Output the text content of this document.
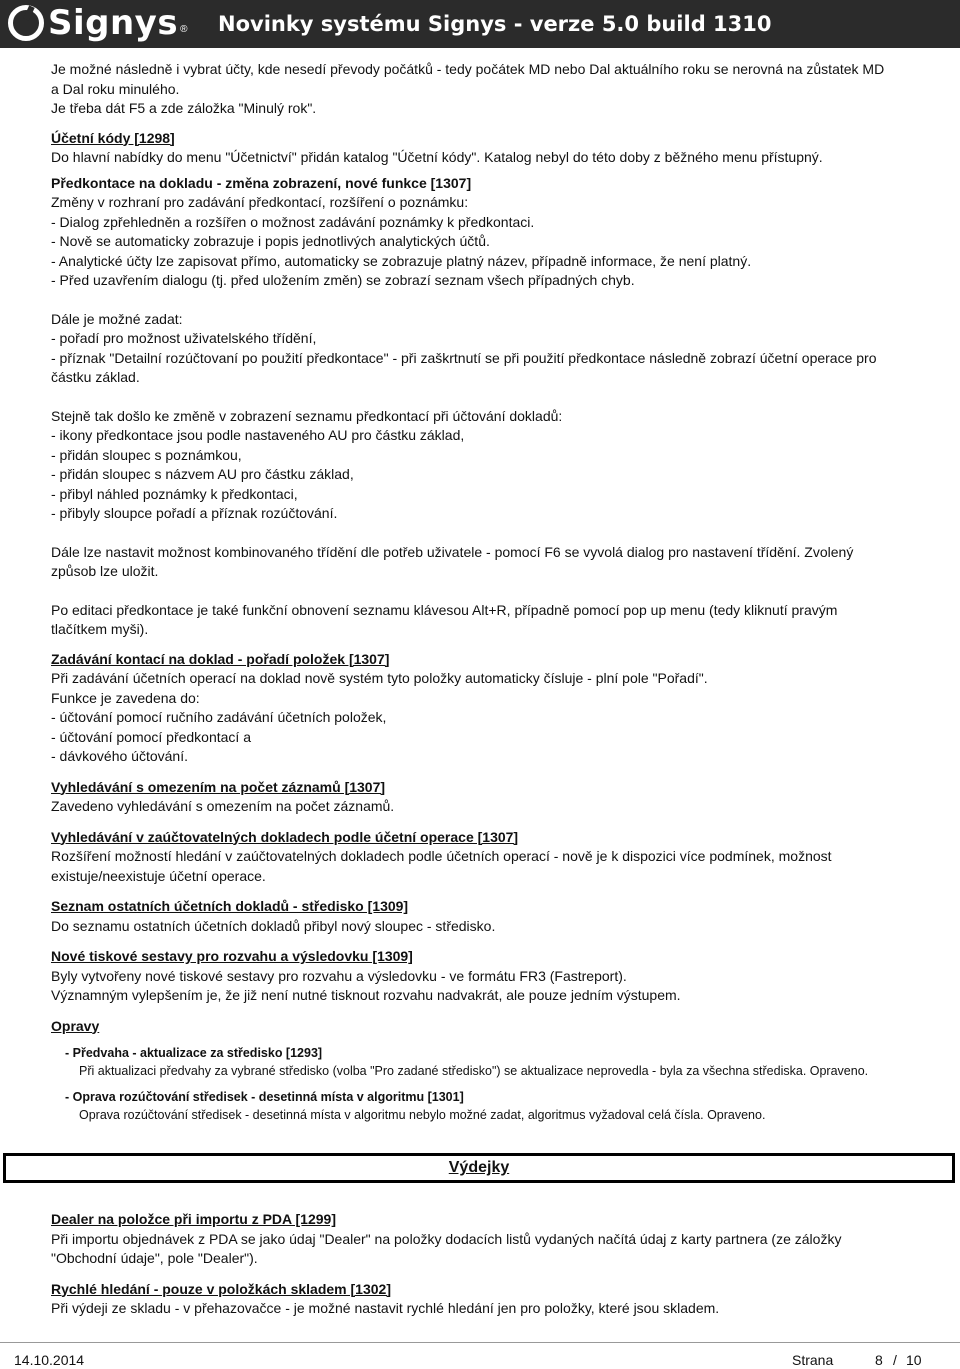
Signys ® Novinky systému Signys - verze 5.0 build 1310
Je možné následně i vybrat účty, kde nesedí převody počátků - tedy počátek MD nebo Dal aktuálního roku se nerovná na zůstatek MD
a Dal roku minulého.
Je třeba dát F5 a zde záložka "Minulý rok".
Účetní kódy [1298]
Do hlavní nabídky do menu "Účetnictví" přidán katalog "Účetní kódy". Katalog nebyl do této doby z běžného menu přístupný.
Předkontace na dokladu - změna zobrazení, nové funkce [1307]
Změny v rozhraní pro zadávání předkontací, rozšíření o poznámku:
- Dialog zpřehledněn a rozšířen o možnost zadávání poznámky k předkontaci.
- Nově se automaticky zobrazuje i popis jednotlivých analytických účtů.
- Analytické účty lze zapisovat přímo, automaticky se zobrazuje platný název, případně informace, že není platný.
- Před uzavřením dialogu (tj. před uložením změn) se zobrazí seznam všech případných chyb.
Dále je možné zadat:
- pořadí pro možnost uživatelského třídění,
- příznak "Detailní rozúčtovaní po použití předkontace" - při zaškrtnutí se při použití předkontace následně zobrazí účetní operace pro
částku základ.
Stejně tak došlo ke změně v zobrazení seznamu předkontací při účtování dokladů:
- ikony předkontace jsou podle nastaveného AU pro částku základ,
- přidán sloupec s poznámkou,
- přidán sloupec s názvem AU pro částku základ,
- přibyl náhled poznámky k předkontaci,
- přibyly sloupce pořadí a příznak rozúčtování.
Dále lze nastavit možnost kombinovaného třídění dle potřeb uživatele - pomocí F6 se vyvolá dialog pro nastavení třídění. Zvolený
způsob lze uložit.
Po editaci předkontace je také funkční obnovení seznamu klávesou Alt+R, případně pomocí pop up menu (tedy kliknutí pravým
tlačítkem myši).
Zadávání kontací na doklad - pořadí položek [1307]
Při zadávání účetních operací na doklad nově systém tyto položky automaticky čísluje - plní pole "Pořadí".
Funkce je zavedena do:
- účtování pomocí ručního zadávání účetních položek,
- účtování pomocí předkontací a
- dávkového účtování.
Vyhledávání s omezením na počet záznamů [1307]
Zavedeno vyhledávání s omezením na počet záznamů.
Vyhledávání v zaúčtovatelných dokladech podle účetní operace [1307]
Rozšíření možností hledání v zaúčtovatelných dokladech podle účetních operací - nově je k dispozici více podmínek, možnost
existuje/neexistuje účetní operace.
Seznam ostatních účetních dokladů - středisko [1309]
Do seznamu ostatních účetních dokladů přibyl nový sloupec - středisko.
Nové tiskové sestavy pro rozvahu a výsledovku [1309]
Byly vytvořeny nové tiskové sestavy pro rozvahu a výsledovku - ve formátu FR3 (Fastreport).
Významným vylepšením je, že již není nutné tisknout rozvahu nadvakrát, ale pouze jedním výstupem.
Opravy
- Předvaha - aktualizace za středisko [1293]
Při aktualizaci předvahy za vybrané středisko (volba "Pro zadané středisko") se aktualizace neprovedla - byla za všechna střediska. Opraveno.
- Oprava rozúčtování středisek - desetinná místa v algoritmu [1301]
Oprava rozúčtování středisek - desetinná místa v algoritmu nebylo možné zadat, algoritmus vyžadoval celá čísla. Opraveno.
Výdejky
Dealer na položce při importu z PDA [1299]
Při importu objednávek z PDA se jako údaj "Dealer" na položky dodacích listů vydaných načítá údaj z karty partnera (ze záložky
"Obchodní údaje", pole "Dealer").
Rychlé hledání - pouze v položkách skladem [1302]
Při výdeji ze skladu - v přehazovačce - je možné nastavit rychlé hledání jen pro položky, které jsou skladem.
14.10.2014	Strana	8 / 10
